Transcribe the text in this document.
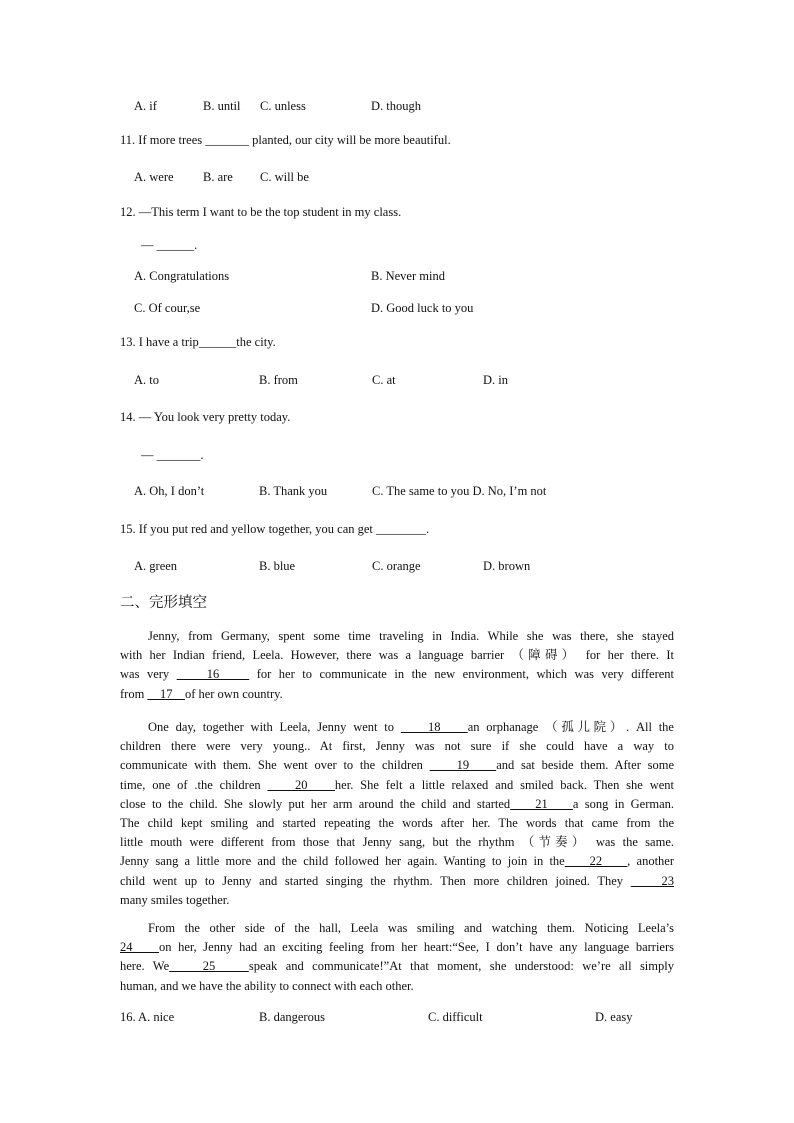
A. if	B. until C. unless	D. though
11. If more trees _______ planted, our city will be more beautiful.
A. were B. are C. will be
12. —This term I want to be the top student in my class.
— ______.
A. Congratulations	B. Never mind
C. Of cour,se	D. Good luck to you
13. I have a trip______the city.
A. to	B. from	C. at	D. in
14. — You look very pretty today.
— _______.
A. Oh, I don’t	B. Thank you	C. The same to you D. No, I’m not
15. If you put red and yellow together, you can get ________.
A. green	B. blue	C. orange	D. brown
二、完形填空
Jenny, from Germany, spent some time traveling in India. While she was there, she stayed
with her Indian friend, Leela. However, there was a language barrier （障碍） for her there. It
was very     16     for her to communicate in the new environment, which was very different
from     17    of her own country.
One day, together with Leela, Jenny went to     18    an orphanage （孤儿院）. All the
children there were very young.. At first, Jenny was not sure if she could have a way to
communicate with them. She went over to the children     19    and sat beside them. After some
time, one of .the children     20    her. She felt a little relaxed and smiled back. Then she went
close to the child. She slowly put her arm around the child and started    21    a song in German.
The child kept smiling and started repeating the words after her. The words that came from the
little mouth were different from those that Jenny sang, but the rhythm （节奏） was the same.
Jenny sang a little more and the child followed her again. Wanting to join in the    22    , another
child went up to Jenny and started singing the rhythm. Then more children joined. They     23
many smiles together.
From the other side of the hall, Leela was smiling and watching them. Noticing Leela’s
24    on her, Jenny had an exciting feeling from her heart:“See, I don’t have any language barriers
here. We    25    speak and communicate!”At that moment, she understood: we’re all simply
human, and we have the ability to connect with each other.
16. A. nice	B. dangerous	C. difficult	D. easy
